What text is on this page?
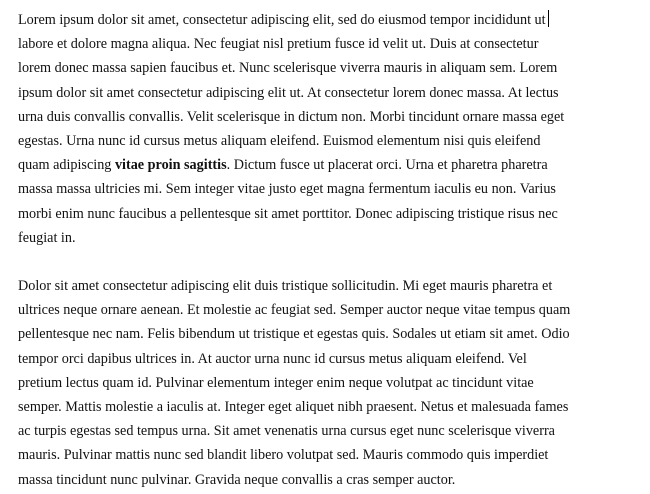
Lorem ipsum dolor sit amet, consectetur adipiscing elit, sed do eiusmod tempor incididunt ut
labore et dolore magna aliqua. Nec feugiat nisl pretium fusce id velit ut. Duis at consectetur
lorem donec massa sapien faucibus et. Nunc scelerisque viverra mauris in aliquam sem. Lorem
ipsum dolor sit amet consectetur adipiscing elit ut. At consectetur lorem donec massa. At lectus
urna duis convallis convallis. Velit scelerisque in dictum non. Morbi tincidunt ornare massa eget
egestas. Urna nunc id cursus metus aliquam eleifend. Euismod elementum nisi quis eleifend
quam adipiscing vitae proin sagittis. Dictum fusce ut placerat orci. Urna et pharetra pharetra
massa massa ultricies mi. Sem integer vitae justo eget magna fermentum iaculis eu non. Varius
morbi enim nunc faucibus a pellentesque sit amet porttitor. Donec adipiscing tristique risus nec
feugiat in.

Dolor sit amet consectetur adipiscing elit duis tristique sollicitudin. Mi eget mauris pharetra et
ultrices neque ornare aenean. Et molestie ac feugiat sed. Semper auctor neque vitae tempus quam
pellentesque nec nam. Felis bibendum ut tristique et egestas quis. Sodales ut etiam sit amet. Odio
tempor orci dapibus ultrices in. At auctor urna nunc id cursus metus aliquam eleifend. Vel
pretium lectus quam id. Pulvinar elementum integer enim neque volutpat ac tincidunt vitae
semper. Mattis molestie a iaculis at. Integer eget aliquet nibh praesent. Netus et malesuada fames
ac turpis egestas sed tempus urna. Sit amet venenatis urna cursus eget nunc scelerisque viverra
mauris. Pulvinar mattis nunc sed blandit libero volutpat sed. Mauris commodo quis imperdiet
massa tincidunt nunc pulvinar. Gravida neque convallis a cras semper auctor.
